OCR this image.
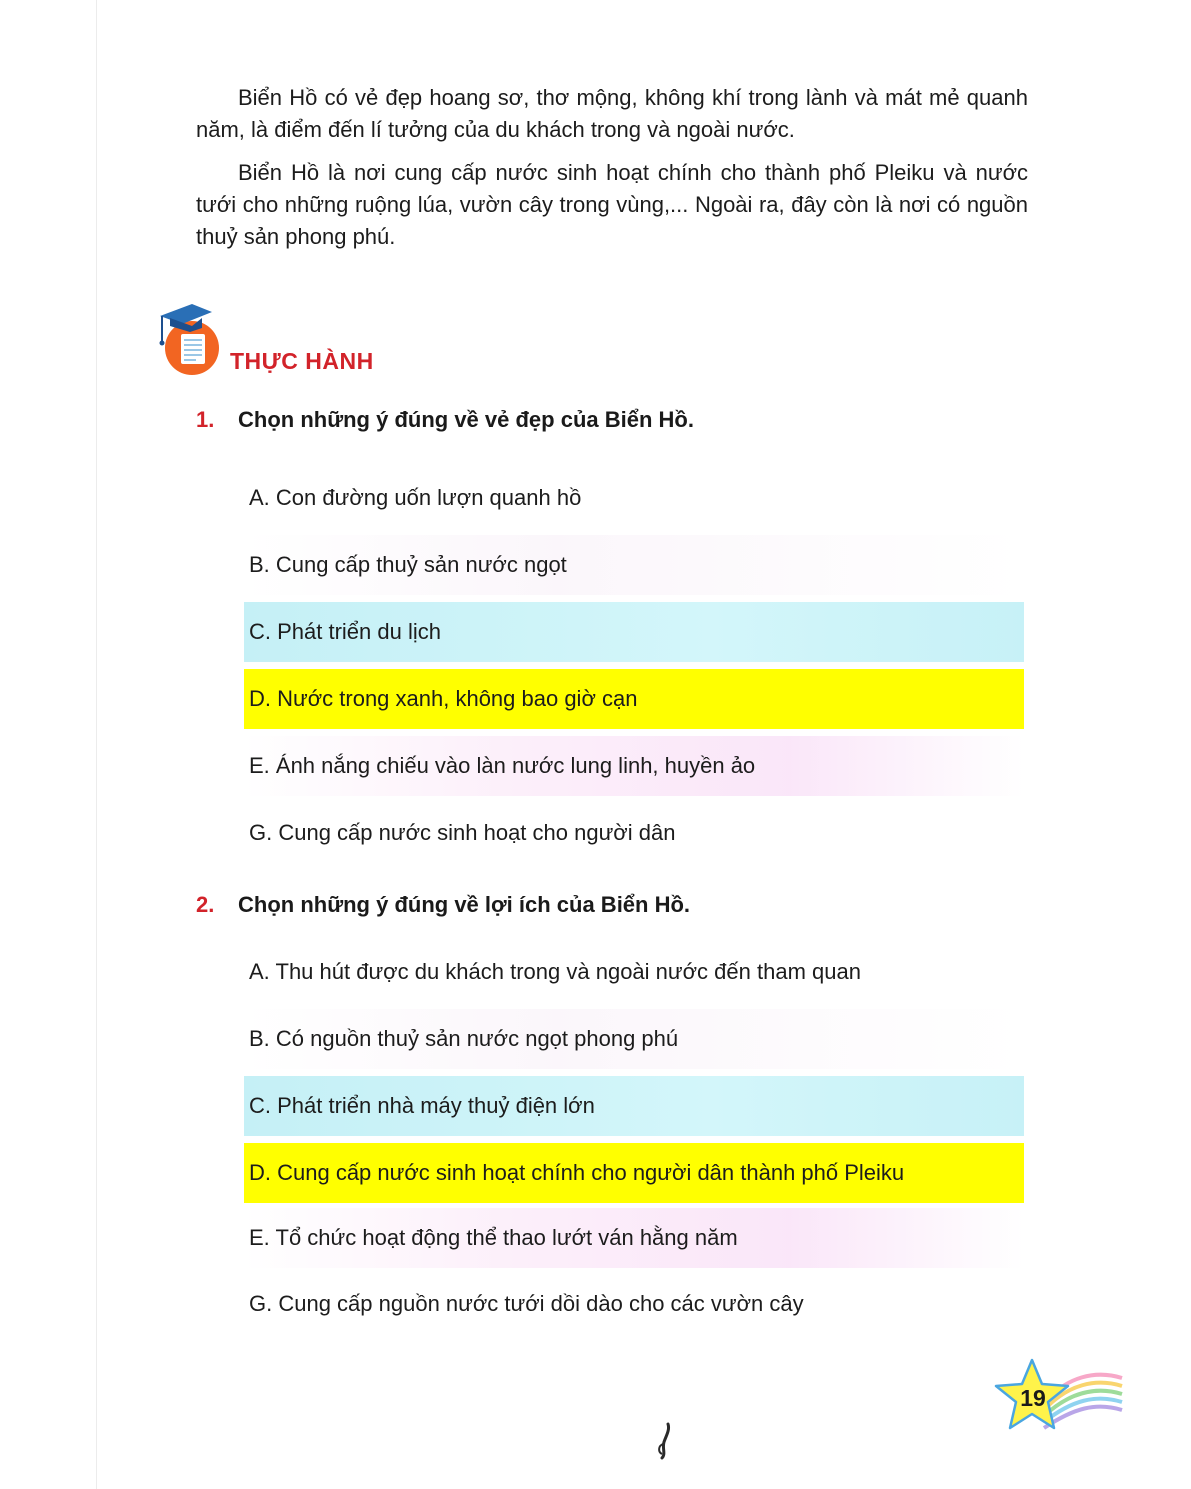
Biển Hồ có vẻ đẹp hoang sơ, thơ mộng, không khí trong lành và mát mẻ quanh năm, là điểm đến lí tưởng của du khách trong và ngoài nước.

Biển Hồ là nơi cung cấp nước sinh hoạt chính cho thành phố Pleiku và nước tưới cho những ruộng lúa, vườn cây trong vùng,... Ngoài ra, đây còn là nơi có nguồn thuỷ sản phong phú.

THỰC HÀNH
1. Chọn những ý đúng về vẻ đẹp của Biển Hồ.
A. Con đường uốn lượn quanh hồ
B. Cung cấp thuỷ sản nước ngọt
C. Phát triển du lịch
D. Nước trong xanh, không bao giờ cạn
E. Ánh nắng chiếu vào làn nước lung linh, huyền ảo
G. Cung cấp nước sinh hoạt cho người dân
2. Chọn những ý đúng về lợi ích của Biển Hồ.
A. Thu hút được du khách trong và ngoài nước đến tham quan
B. Có nguồn thuỷ sản nước ngọt phong phú
C. Phát triển nhà máy thuỷ điện lớn
D. Cung cấp nước sinh hoạt chính cho người dân thành phố Pleiku
E. Tổ chức hoạt động thể thao lướt ván hằng năm
G. Cung cấp nguồn nước tưới dồi dào cho các vườn cây
19
